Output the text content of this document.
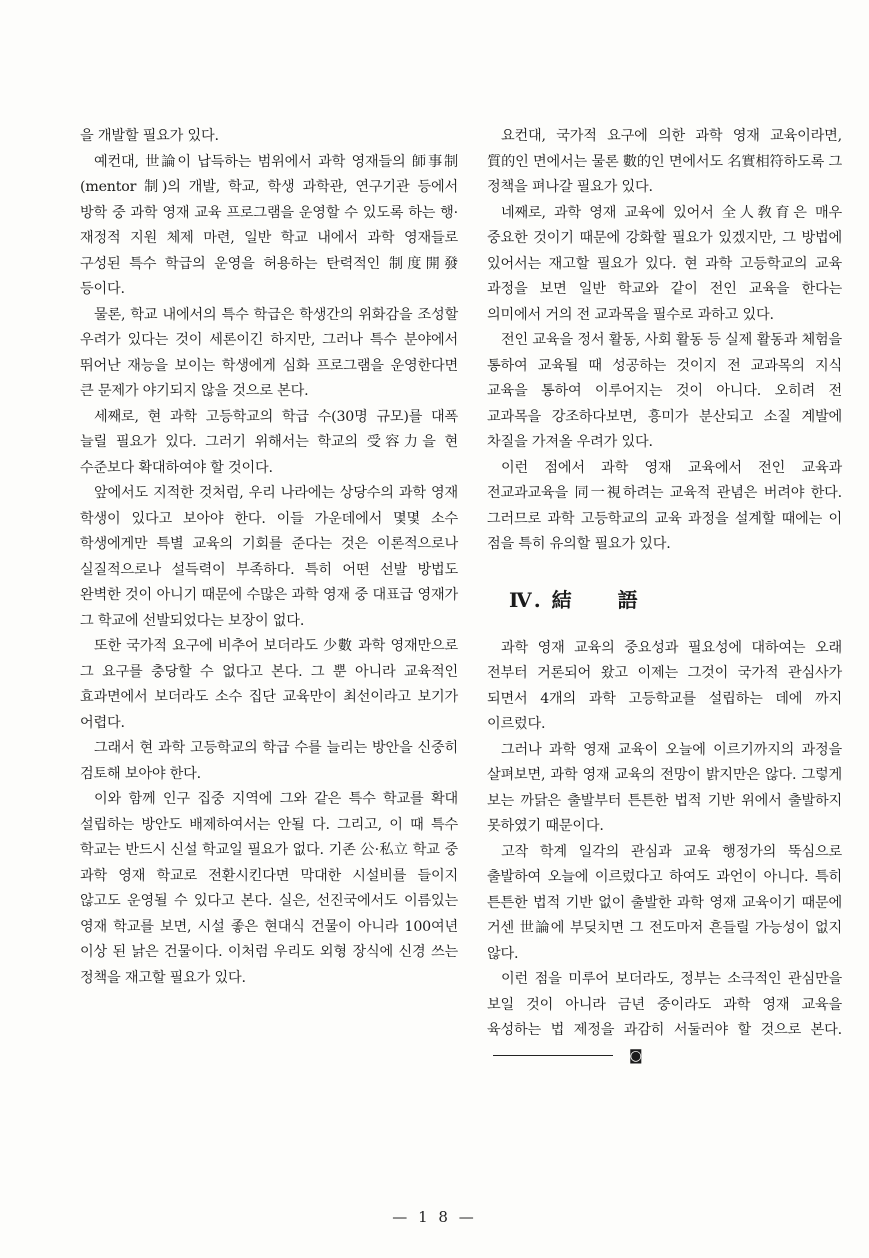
을 개발할 필요가 있다.

예컨대, 世論이 납득하는 범위에서 과학 영재들의 師事制(mentor 制)의 개발, 학교, 학생 과학관, 연구기관 등에서 방학 중 과학 영재 교육 프로그램을 운영할 수 있도록 하는 행·재정적 지원 체제 마련, 일반 학교 내에서 과학 영재들로 구성된 특수 학급의 운영을 허용하는 탄력적인 制度開發 등이다.

물론, 학교 내에서의 특수 학급은 학생간의 위화감을 조성할 우려가 있다는 것이 세론이긴 하지만, 그러나 특수 분야에서 뛰어난 재능을 보이는 학생에게 심화 프로그램을 운영한다면 큰 문제가 야기되지 않을 것으로 본다.

세째로, 현 과학 고등학교의 학급 수(30명 규모)를 대폭 늘릴 필요가 있다. 그러기 위해서는 학교의 受容力을 현 수준보다 확대하여야 할 것이다.

앞에서도 지적한 것처럼, 우리 나라에는 상당수의 과학 영재 학생이 있다고 보아야 한다. 이들 가운데에서 몇몇 소수 학생에게만 특별 교육의 기회를 준다는 것은 이론적으로나 실질적으로나 설득력이 부족하다. 특히 어떤 선발 방법도 완벽한 것이 아니기 때문에 수많은 과학 영재 중 대표급 영재가 그 학교에 선발되었다는 보장이 없다.

또한 국가적 요구에 비추어 보더라도 少數 과학 영재만으로 그 요구를 충당할 수 없다고 본다. 그 뿐 아니라 교육적인 효과면에서 보더라도 소수 집단 교육만이 최선이라고 보기가 어렵다.

그래서 현 과학 고등학교의 학급 수를 늘리는 방안을 신중히 검토해 보아야 한다.

이와 함께 인구 집중 지역에 그와 같은 특수 학교를 확대 설립하는 방안도 배제하여서는 안될 다. 그리고, 이 때 특수 학교는 반드시 신설 학교일 필요가 없다. 기존 公·私立 학교 중 과학 영재 학교로 전환시킨다면 막대한 시설비를 들이지 않고도 운영될 수 있다고 본다. 실은, 선진국에서도 이름있는 영재 학교를 보면, 시설 좋은 현대식 건물이 아니라 100여년 이상 된 낡은 건물이다. 이처럼 우리도 외형 장식에 신경 쓰는 정책을 재고할 필요가 있다.

요컨대, 국가적 요구에 의한 과학 영재 교육이라면, 質的인 면에서는 물론 數的인 면에서도 名實相符하도록 그 정책을 펴나갈 필요가 있다.

네째로, 과학 영재 교육에 있어서 全人敎育은 매우 중요한 것이기 때문에 강화할 필요가 있겠지만, 그 방법에 있어서는 재고할 필요가 있다. 현 과학 고등학교의 교육 과정을 보면 일반 학교와 같이 전인 교육을 한다는 의미에서 거의 전 교과목을 필수로 과하고 있다.

전인 교육을 정서 활동, 사회 활동 등 실제 활동과 체험을 통하여 교육될 때 성공하는 것이지 전 교과목의 지식 교육을 통하여 이루어지는 것이 아니다. 오히려 전 교과목을 강조하다보면, 흥미가 분산되고 소질 계발에 차질을 가져올 우려가 있다.

이런 점에서 과학 영재 교육에서 전인 교육과 전교과교육을 同一視하려는 교육적 관념은 버려야 한다. 그러므로 과학 고등학교의 교육 과정을 설계할 때에는 이 점을 특히 유의할 필요가 있다.

Ⅳ. 結　　語

과학 영재 교육의 중요성과 필요성에 대하여는 오래 전부터 거론되어 왔고 이제는 그것이 국가적 관심사가 되면서 4개의 과학 고등학교를 설립하는 데에 까지 이르렀다.

그러나 과학 영재 교육이 오늘에 이르기까지의 과정을 살펴보면, 과학 영재 교육의 전망이 밝지만은 않다. 그렇게 보는 까닭은 출발부터 튼튼한 법적 기반 위에서 출발하지 못하였기 때문이다.

고작 학계 일각의 관심과 교육 행정가의 뚝심으로 출발하여 오늘에 이르렀다고 하여도 과언이 아니다. 특히 튼튼한 법적 기반 없이 출발한 과학 영재 교육이기 때문에 거센 世論에 부딪치면 그 전도마저 흔들릴 가능성이 없지 않다.

이런 점을 미루어 보더라도, 정부는 소극적인 관심만을 보일 것이 아니라 금년 중이라도 과학 영재 교육을 육성하는 법 제정을 과감히 서둘러야 할 것으로 본다.◙

— 1 8 —
